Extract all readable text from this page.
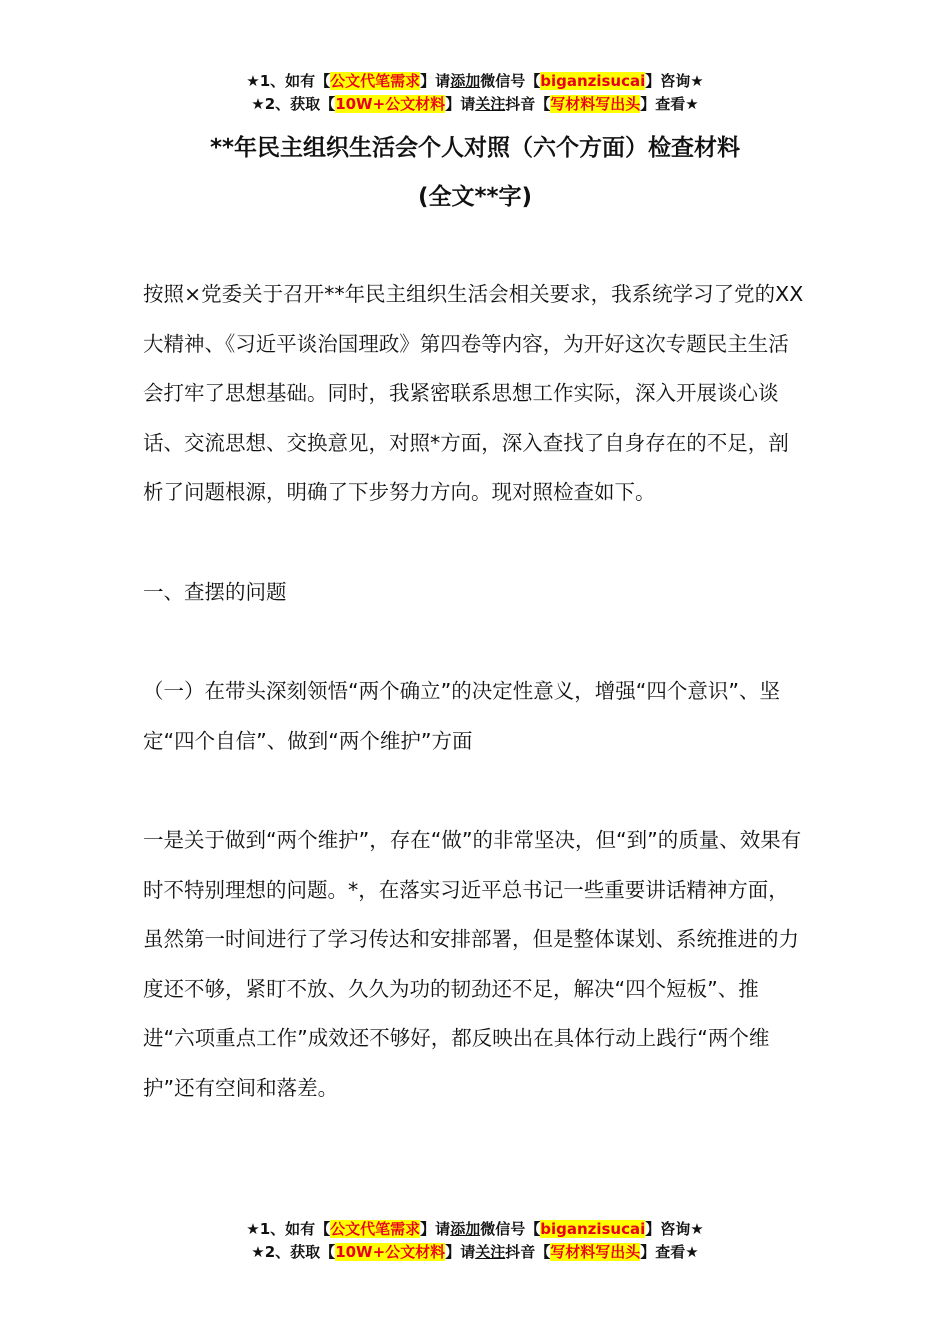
★1、如有【公文代笔需求】请添加微信号【biganzisucai】咨询★
★2、获取【10W+公文材料】请关注抖音【写材料写出头】查看★
**年民主组织生活会个人对照（六个方面）检查材料
(全文**字)

按照×党委关于召开**年民主组织生活会相关要求，我系统学习了党的XX大精神、《习近平谈治国理政》第四卷等内容，为开好这次专题民主生活会打牢了思想基础。同时，我紧密联系思想工作实际，深入开展谈心谈话、交流思想、交换意见，对照*方面，深入查找了自身存在的不足，剖析了问题根源，明确了下步努力方向。现对照检查如下。

一、查摆的问题

（一）在带头深刻领悟“两个确立”的决定性意义，增强“四个意识”、坚定“四个自信”、做到“两个维护”方面

一是关于做到“两个维护”，存在“做”的非常坚决，但“到”的质量、效果有时不特别理想的问题。*，在落实习近平总书记一些重要讲话精神方面，虽然第一时间进行了学习传达和安排部署，但是整体谋划、系统推进的力度还不够，紧盯不放、久久为功的韧劲还不足，解决“四个短板”、推进“六项重点工作”成效还不够好，都反映出在具体行动上践行“两个维护”还有空间和落差。

★1、如有【公文代笔需求】请添加微信号【biganzisucai】咨询★
★2、获取【10W+公文材料】请关注抖音【写材料写出头】查看★
